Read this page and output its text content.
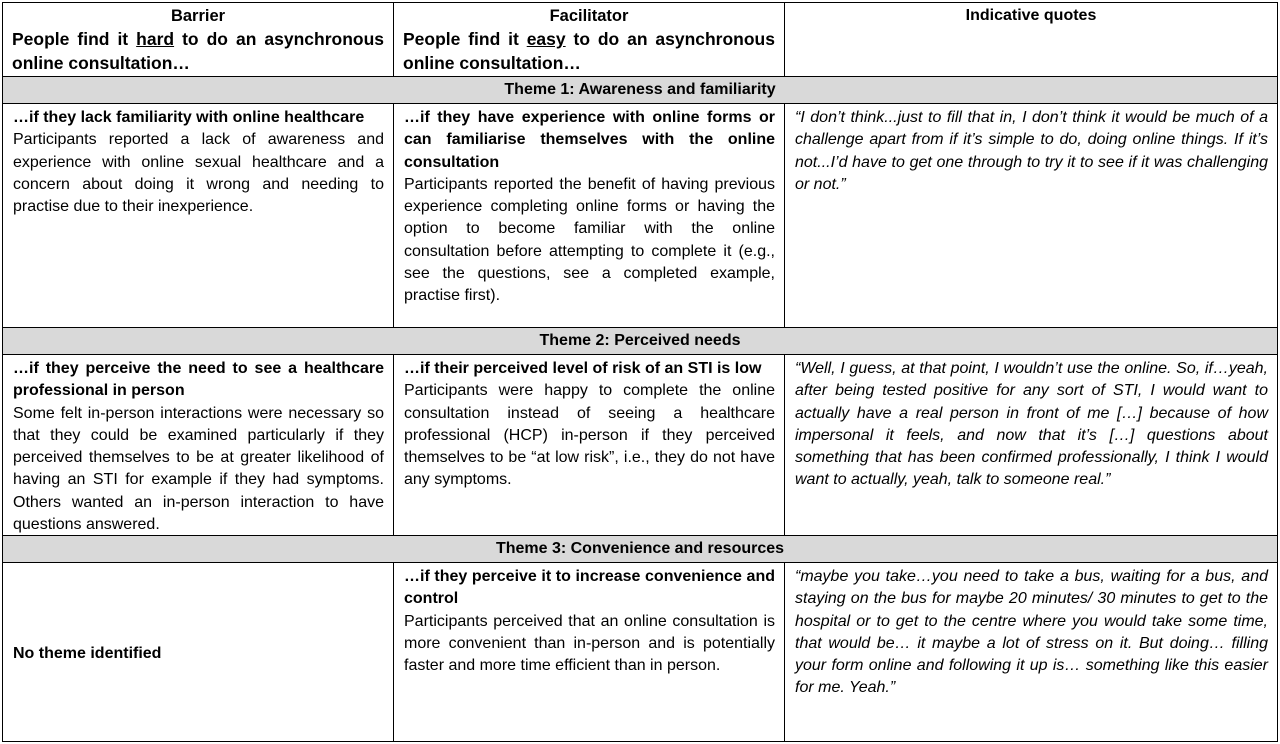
Barrier
People find it hard to do an asynchronous online consultation…
Facilitator
People find it easy to do an asynchronous online consultation…
Indicative quotes
Theme 1: Awareness and familiarity
…if they lack familiarity with online healthcare
Participants reported a lack of awareness and experience with online sexual healthcare and a concern about doing it wrong and needing to practise due to their inexperience.
…if they have experience with online forms or can familiarise themselves with the online consultation
Participants reported the benefit of having previous experience completing online forms or having the option to become familiar with the online consultation before attempting to complete it (e.g., see the questions, see a completed example, practise first).
“I don’t think...just to fill that in, I don’t think it would be much of a challenge apart from if it’s simple to do, doing online things. If it’s not...I’d have to get one through to try it to see if it was challenging or not.”
Theme 2: Perceived needs
…if they perceive the need to see a healthcare professional in person
Some felt in-person interactions were necessary so that they could be examined particularly if they perceived themselves to be at greater likelihood of having an STI for example if they had symptoms. Others wanted an in-person interaction to have questions answered.
…if their perceived level of risk of an STI is low
Participants were happy to complete the online consultation instead of seeing a healthcare professional (HCP) in-person if they perceived themselves to be “at low risk”, i.e., they do not have any symptoms.
“Well, I guess, at that point, I wouldn’t use the online. So, if…yeah, after being tested positive for any sort of STI, I would want to actually have a real person in front of me […] because of how impersonal it feels, and now that it’s […] questions about something that has been confirmed professionally, I think I would want to actually, yeah, talk to someone real.”
Theme 3: Convenience and resources
No theme identified
…if they perceive it to increase convenience and control
Participants perceived that an online consultation is more convenient than in-person and is potentially faster and more time efficient than in person.
“maybe you take…you need to take a bus, waiting for a bus, and staying on the bus for maybe 20 minutes/ 30 minutes to get to the hospital or to get to the centre where you would take some time, that would be… it maybe a lot of stress on it. But doing… filling your form online and following it up is… something like this easier for me. Yeah.”
